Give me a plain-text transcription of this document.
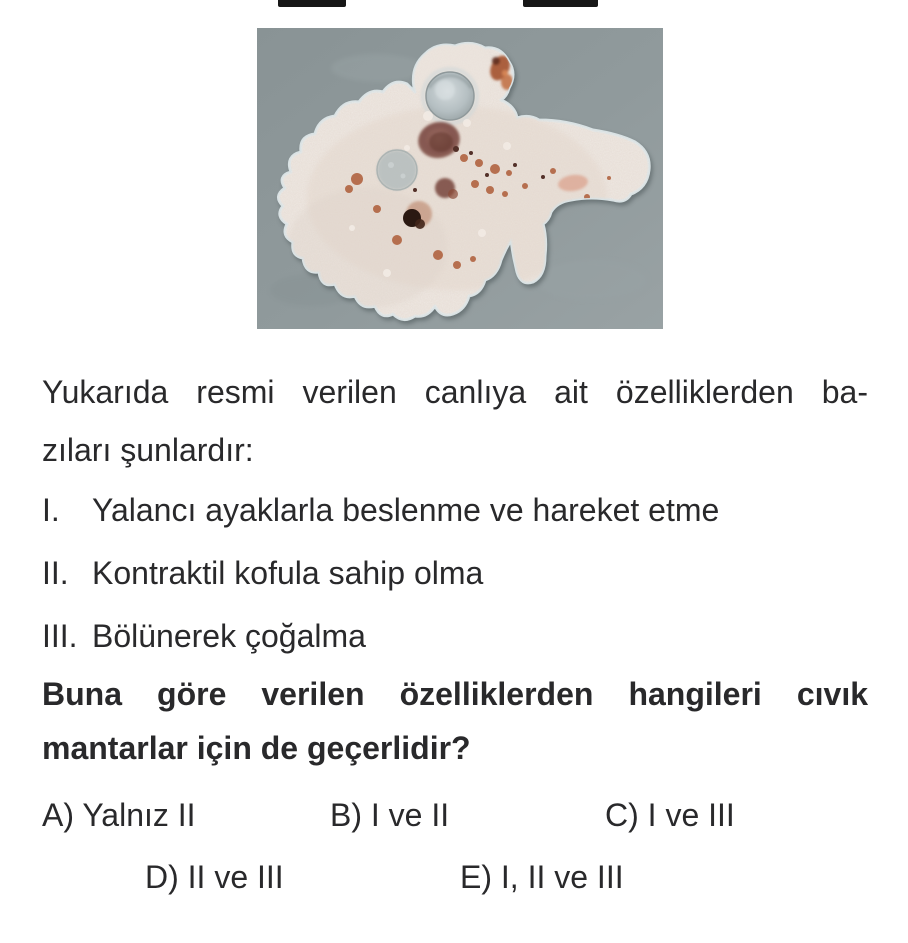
Yukarıda resmi verilen canlıya ait özelliklerden ba-
zıları şunlardır:
I.	Yalancı ayaklarla beslenme ve hareket etme
II. Kontraktil kofula sahip olma
III. Bölünerek çoğalma
Buna göre verilen özelliklerden hangileri cıvık
mantarlar için de geçerlidir?
A) Yalnız II	B) I ve II	C) I ve III
D) II ve III	E) I, II ve III
